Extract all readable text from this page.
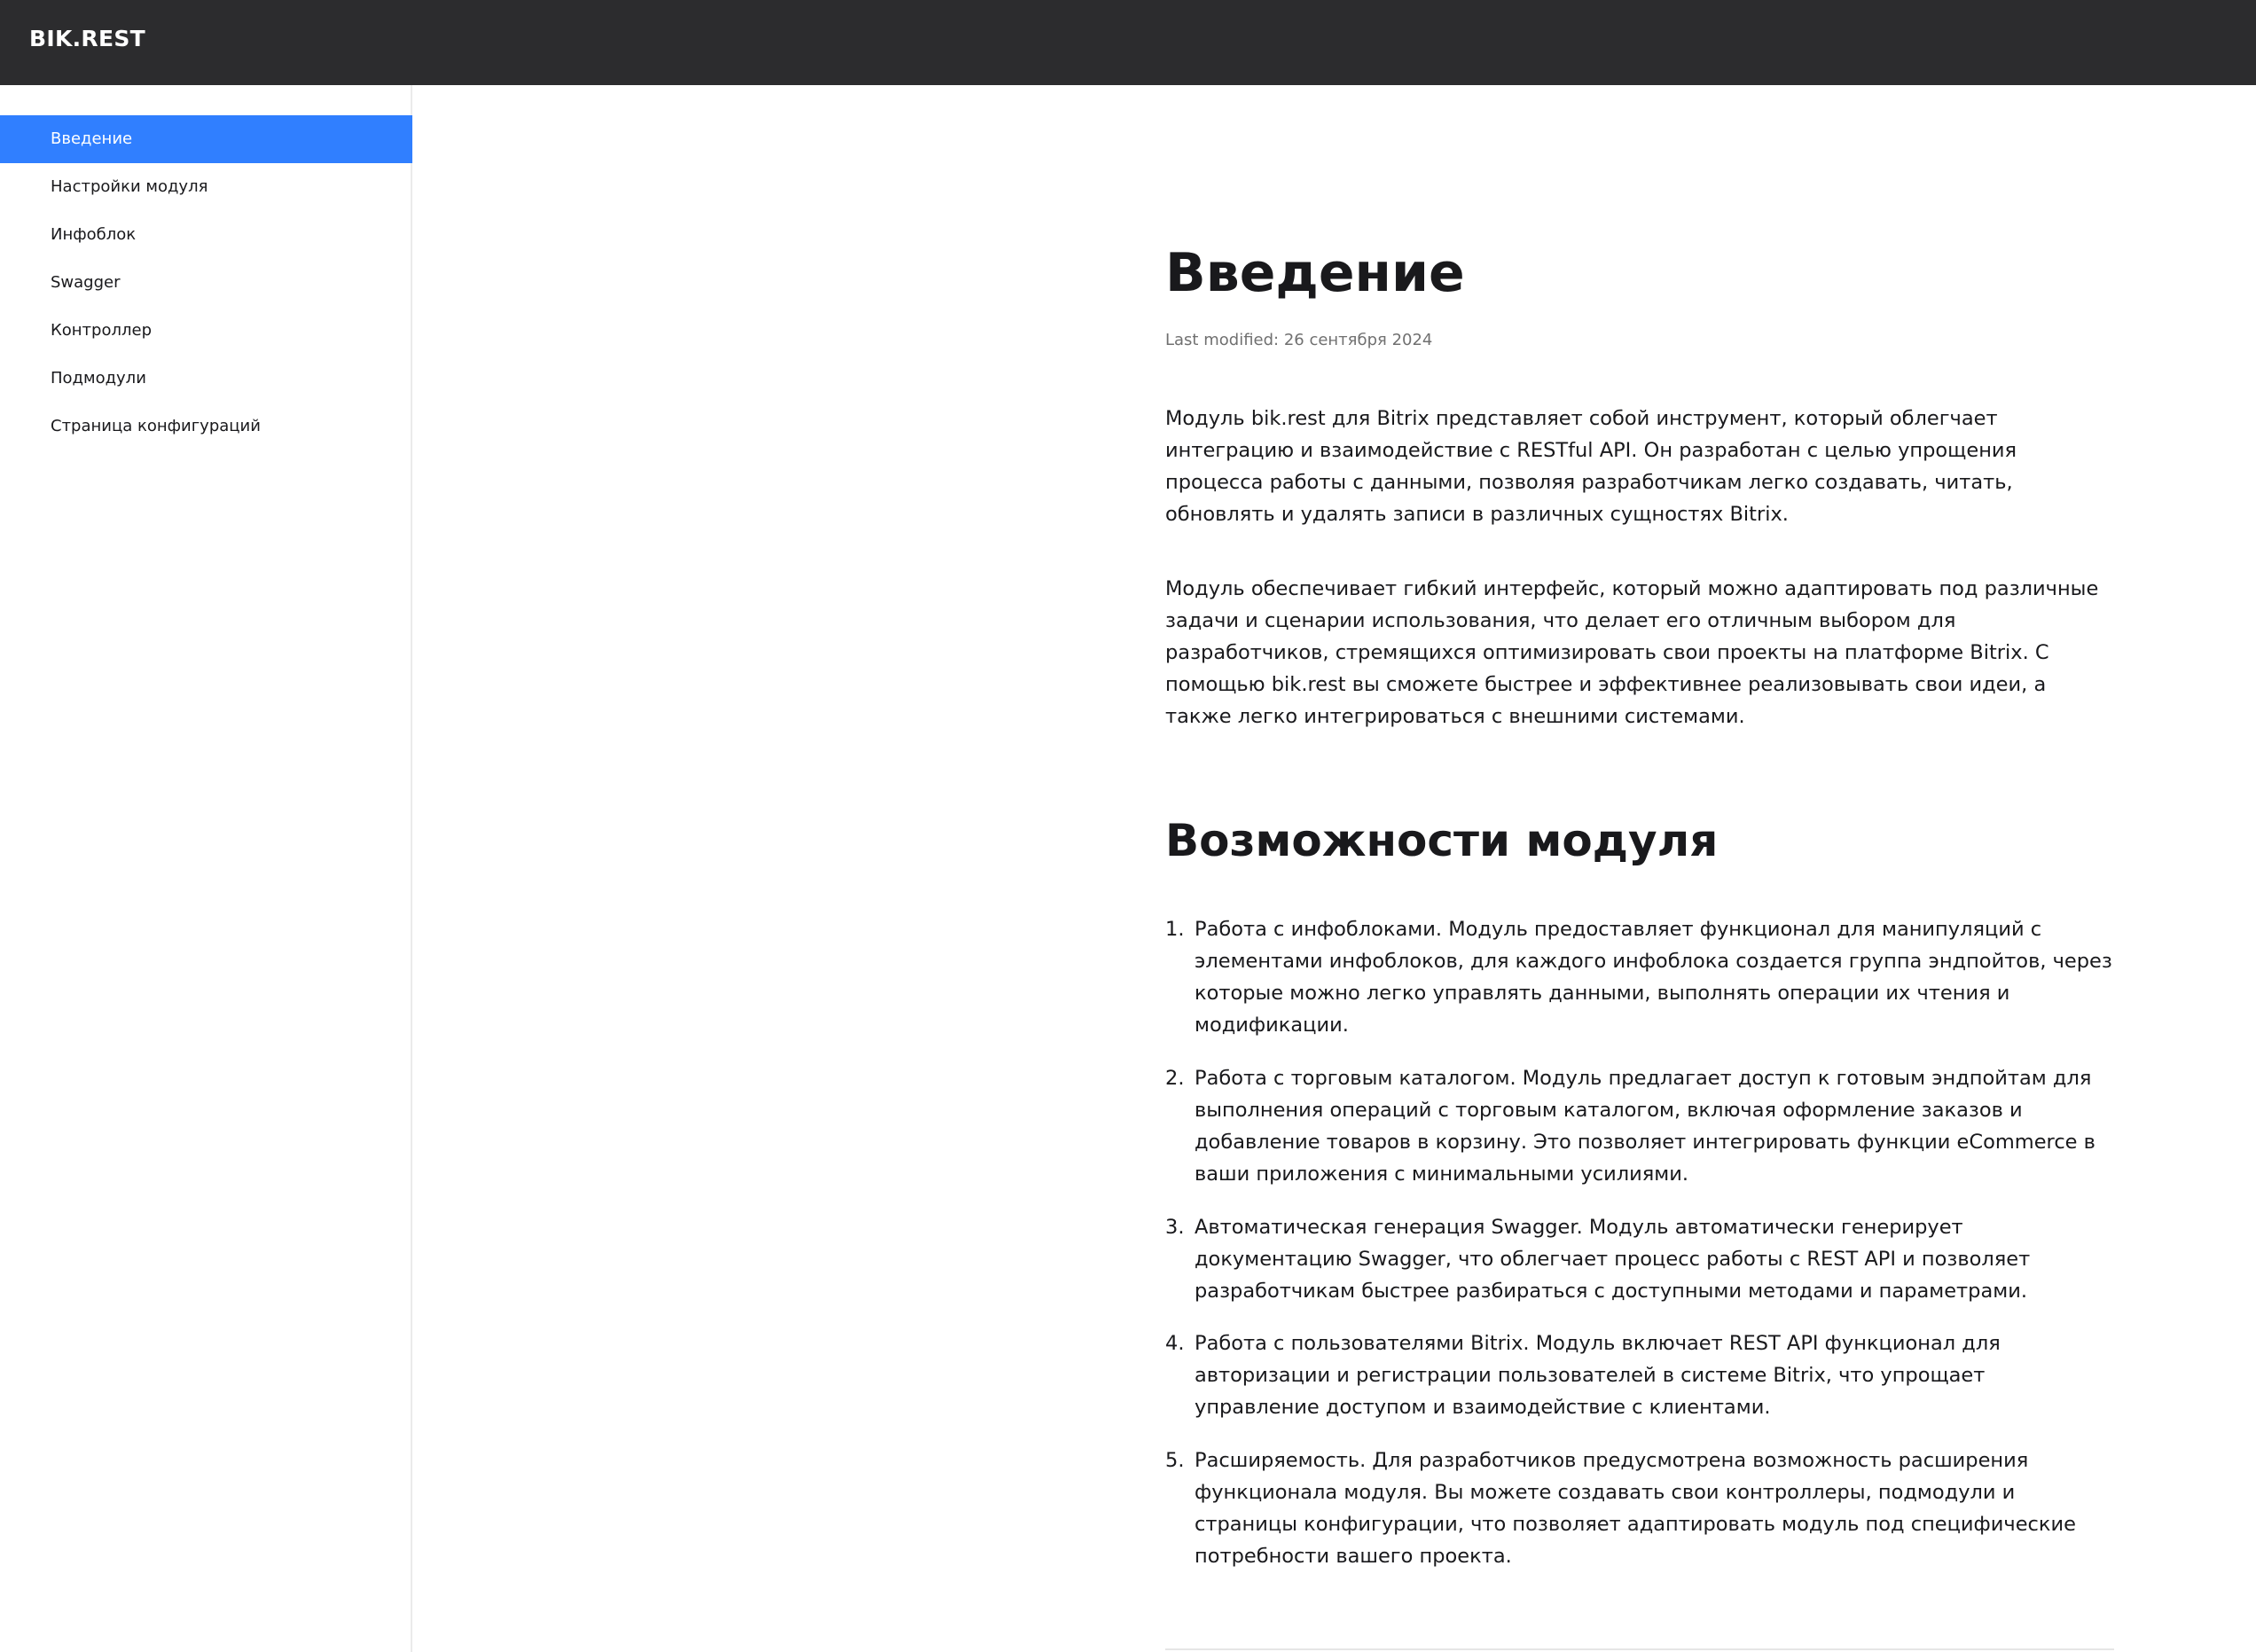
BIK.REST
Введение
Настройки модуля
Инфоблок
Swagger
Контроллер
Подмодули
Страница конфигураций
Введение
Last modified: 26 сентября 2024

Модуль bik.rest для Bitrix представляет собой инструмент, который облегчает интеграцию и взаимодействие с RESTful API. Он разработан с целью упрощения процесса работы с данными, позволяя разработчикам легко создавать, читать, обновлять и удалять записи в различных сущностях Bitrix.

Модуль обеспечивает гибкий интерфейс, который можно адаптировать под различные задачи и сценарии использования, что делает его отличным выбором для разработчиков, стремящихся оптимизировать свои проекты на платформе Bitrix. С помощью bik.rest вы сможете быстрее и эффективнее реализовывать свои идеи, а также легко интегрироваться с внешними системами.

Возможности модуля
1. Работа с инфоблоками. Модуль предоставляет функционал для манипуляций с элементами инфоблоков, для каждого инфоблока создается группа эндпойтов, через которые можно легко управлять данными, выполнять операции их чтения и модификации.
2. Работа с торговым каталогом. Модуль предлагает доступ к готовым эндпойтам для выполнения операций с торговым каталогом, включая оформление заказов и добавление товаров в корзину. Это позволяет интегрировать функции eCommerce в ваши приложения с минимальными усилиями.
3. Автоматическая генерация Swagger. Модуль автоматически генерирует документацию Swagger, что облегчает процесс работы с REST API и позволяет разработчикам быстрее разбираться с доступными методами и параметрами.
4. Работа с пользователями Bitrix. Модуль включает REST API функционал для авторизации и регистрации пользователей в системе Bitrix, что упрощает управление доступом и взаимодействие с клиентами.
5. Расширяемость. Для разработчиков предусмотрена возможность расширения функционала модуля. Вы можете создавать свои контроллеры, подмодули и страницы конфигурации, что позволяет адаптировать модуль под специфические потребности вашего проекта.
